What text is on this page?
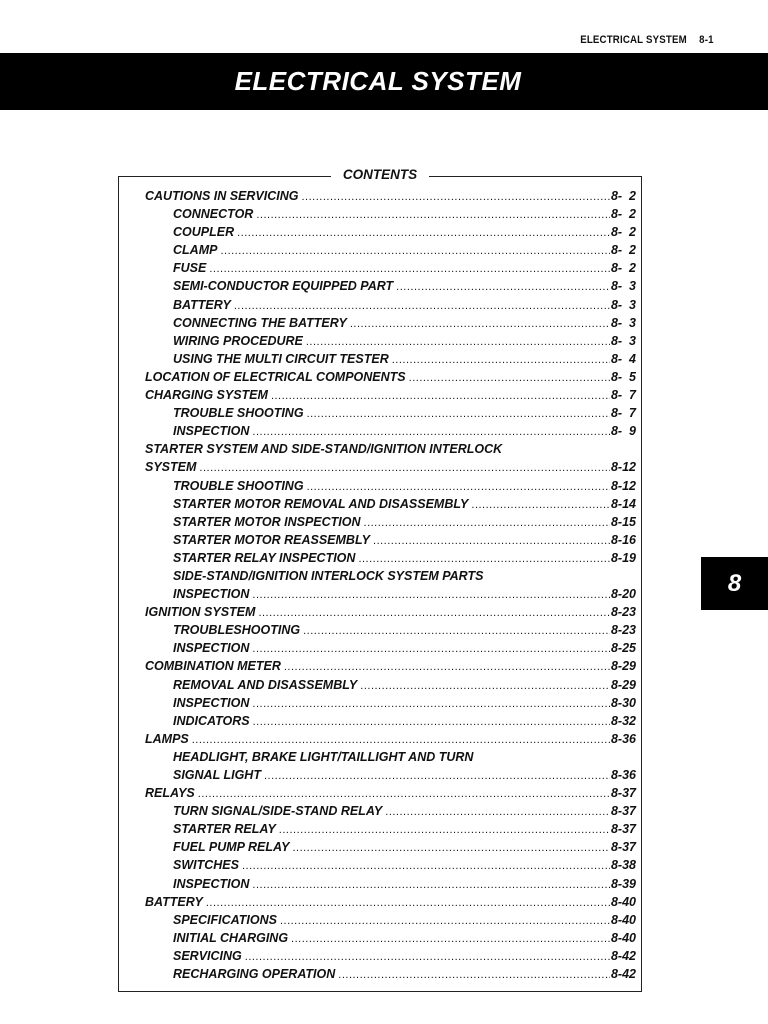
ELECTRICAL SYSTEM 8-1
ELECTRICAL SYSTEM
8
CONTENTS
CAUTIONS IN SERVICING .....	8-  2
CONNECTOR .....	8-  2
COUPLER .....	8-  2
CLAMP .....	8-  2
FUSE .....	8-  2
SEMI-CONDUCTOR EQUIPPED PART .....	8-  3
BATTERY .....	8-  3
CONNECTING THE BATTERY .....	8-  3
WIRING PROCEDURE .....	8-  3
USING THE MULTI CIRCUIT TESTER .....	8-  4
LOCATION OF ELECTRICAL COMPONENTS .....	8-  5
CHARGING SYSTEM .....	8-  7
TROUBLE SHOOTING .....	8-  7
INSPECTION .....	8-  9
STARTER SYSTEM AND SIDE-STAND/IGNITION INTERLOCK
SYSTEM .....	8-12
TROUBLE SHOOTING .....	8-12
STARTER MOTOR REMOVAL AND DISASSEMBLY .....	8-14
STARTER MOTOR INSPECTION .....	8-15
STARTER MOTOR REASSEMBLY .....	8-16
STARTER RELAY INSPECTION .....	8-19
SIDE-STAND/IGNITION INTERLOCK SYSTEM PARTS
INSPECTION .....	8-20
IGNITION SYSTEM .....	8-23
TROUBLESHOOTING .....	8-23
INSPECTION .....	8-25
COMBINATION METER .....	8-29
REMOVAL AND DISASSEMBLY .....	8-29
INSPECTION .....	8-30
INDICATORS .....	8-32
LAMPS .....	8-36
HEADLIGHT, BRAKE LIGHT/TAILLIGHT AND TURN
SIGNAL LIGHT .....	8-36
RELAYS .....	8-37
TURN SIGNAL/SIDE-STAND RELAY .....	8-37
STARTER RELAY .....	8-37
FUEL PUMP RELAY .....	8-37
SWITCHES .....	8-38
INSPECTION .....	8-39
BATTERY .....	8-40
SPECIFICATIONS .....	8-40
INITIAL CHARGING .....	8-40
SERVICING .....	8-42
RECHARGING OPERATION .....	8-42
